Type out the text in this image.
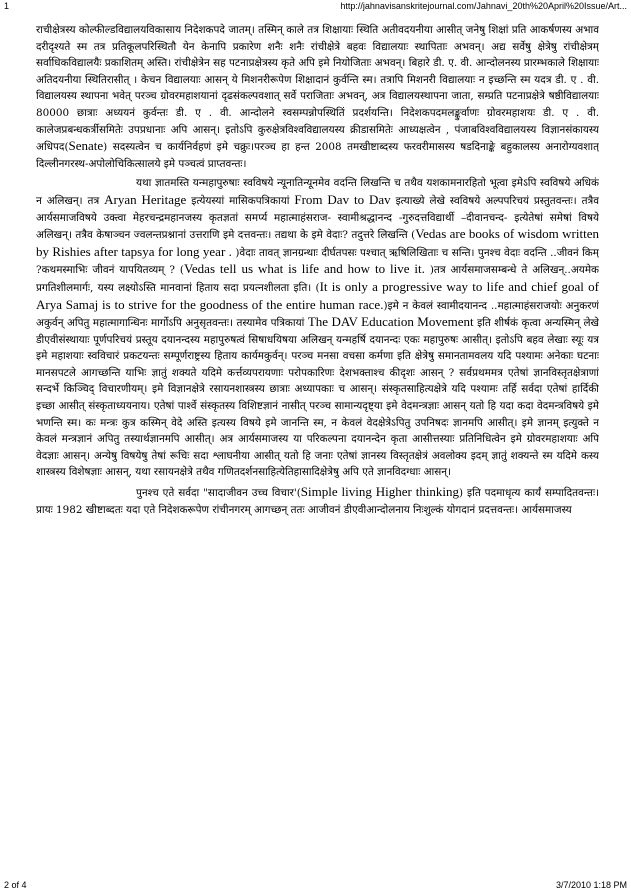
1	http://jahnavisanskritejournal.com/Jahnavi_20th%20April%20Issue/Art...

राचीक्षेत्रस्य कोल्फील्डविद्यालयविकासाय निदेशकपदे जातम्। तस्मिन् काले तत्र शिक्षायाः स्थिति अतीवदयनीया आसीत् जनेषु शिक्षां प्रति आकर्षणस्य अभाव दरीदृश्यते स्म तत्र प्रतिकूलपरिस्थितौ येन केनापि प्रकारेण शनैः शनैः रांचीक्षेत्रे बहवः विद्यालयाः स्थापिताः अभवन्। अद्य सर्वेषु क्षेत्रेषु रांचीक्षेत्रम् सर्वाधिकविद्यालयैः प्रकाशितम् अस्ति। रांचीक्षेत्रेन सह पटनाप्रक्षेत्रस्य कृते अपि इमे नियोजिताः अभवन्। बिहारे डी. ए. वी. आन्दोलनस्य प्रारम्भकाले शिक्षायाः अतिदयनीया स्थितिरासीत् । केचन विद्यालयाः आसन् ये मिशनरीरूपेण शिक्षादानं कुर्वन्ति स्म। तत्रापि मिशनरी विद्यालयाः न इच्छन्ति स्म यदत्र डी. ए . वी. विद्यालयस्य स्थापना भवेत् परञ्च ग्रोवरमहाशयानां दृढसंकल्पवशात् सर्वे पराजिताः अभवन्, अत्र विद्यालयस्थापना जाता, सम्प्रति पटनाप्रक्षेत्रे षष्ठीविद्यालयाः 80000 छात्राः अध्ययनं कुर्वन्तः डी. ए . वी. आन्दोलने स्वसम्पन्नोपस्थितिं प्रदर्शयन्ति। निदेशकपदमलङ्कुर्वाणः ग्रोवरमहाशयः डी. ए . वी. कालेजप्रबन्धकर्त्रीसमितेः उपप्रधानाः अपि आसन्। इतोऽपि कुरुक्षेत्रविश्वविद्यालयस्य क्रीडासमितेः आध्यक्षत्वेन , पंजाबविश्वविद्यालयस्य विज्ञानसंकायस्य अधिपद(Senate) सदस्यत्वेन च कार्यनिर्वहणं इमे चक्रुः।परञ्च हा हन्त 2008 तमखीष्टाब्दस्य फरवरीमासस्य षडदिनाङ्के बहुकालस्य अनारोग्यवशात् दिल्लीनगरस्थ-अपोलोचिकित्सालये इमे पञ्चत्वं प्राप्तवन्तः।

यथा ज्ञातमस्ति यन्महापुरुषाः स्वविषये न्यूनातिन्यूनमेव वदन्ति लिखन्ति च तथैव यशकामनारहितो भूत्वा इमेऽपि स्वविषये अधिकं न अलिखन्। तत्र Aryan Heritage इत्येयस्यां मासिकपत्रिकायां From Dav to Dav इत्याख्ये लेखे स्वविषये अल्पपरिचयं प्रस्तुतवन्तः। तत्रैव आर्यसमाजविषये उक्त्वा मेहरचन्द्रमहानजस्य कृतज्ञतां समर्प्य महात्माहंसराज- स्वामीश्रद्धानन्द -गुरुदत्तविद्यार्थी –दीवानचन्द- इत्येतेषां समेषां विषये अलिखन्। तत्रैव केषाञ्चन ज्वलन्तप्रश्नानां उत्तराणि इमे दत्तवन्तः। तद्यथा के इमे वेदाः? तदुत्तरे लिखन्ति (Vedas are books of wisdom written by Rishies after tapsya for long year . )वेदाः तावत् ज्ञानग्रन्थाः दीर्घतपसः पश्चात् ऋषिलिखिताः च सन्ति। पुनश्च वेदाः वदन्ति ..जीवनं किम् ?कथमस्माभिः जीवनं यापयितव्यम् ? (Vedas tell us what is life and how to live it. )तत्र आर्यसमाजसम्बन्धे ते अलिखन्..अयमेक प्रगतिशीलमार्गः, यस्य लक्ष्योऽस्ति मानवानां हिताय सदा प्रयत्नशीलता इति। (It is only a progressive way to life and chief goal of Arya Samaj is to strive for the goodness of the entire human race.)इमे न केवलं स्वामीदयानन्द ..महात्माहंसराजयोः अनुकरणं अकुर्वन् अपितु महात्मागान्धिनः मार्गोऽपि अनुसृतवन्तः। तस्यामेव पत्रिकायां The DAV Education Movement इति शीर्षकं कृत्वा अन्यस्मिन् लेखे डीएवीसंस्थायाः पूर्णपरिचयं प्रस्तूय दयानन्दस्य महापुरुषत्वं सिषाधयिषया अलिखन् यन्महर्षि दयानन्दः एकः महापुरुषः आसीत्। इतोऽपि बहव लेखाः स्यूः यत्र इमे महाशयाः स्वविचारं प्रकटयन्तः सम्पूर्णराष्ट्रस्य हिताय कार्यमकुर्वन्। परञ्च मनसा वचसा कर्मणा इति क्षेत्रेषु समानतामवलय यदि पश्यामः अनेकाः घटनाः मानसपटले आगच्छन्ति याभिः ज्ञातुं शक्यते यदिमे कर्त्तव्यपरायणाः परोपकारिणः देशभक्ताश्च कीदृशः आसन् ? सर्वप्रथममत्र एतेषां ज्ञानविस्तृतक्षेत्राणां सन्दर्भे किञ्चिद् विचारणीयम्। इमे विज्ञानक्षेत्रे रसायनशास्त्रस्य छात्राः अध्यापकाः च आसन्। संस्कृतसाहित्यक्षेत्रे यदि पश्यामः तर्हि सर्वदा एतेषां हार्दिकी इच्छा आसीत् संस्कृताध्ययनाय। एतेषां पार्श्वे संस्कृतस्य विशिष्टज्ञानं नासीत् परञ्च सामान्यदृष्ट्या इमे वेदमन्त्रज्ञाः आसन् यतो हि यदा कदा वेदमन्त्रविषये इमे भणन्ति स्म। कः मन्त्रः कुत्र कस्मिन् वेदे अस्ति इत्यस्य विषये इमे जानन्ति स्म, न केवलं वेदक्षेत्रेऽपितु उपनिषदः ज्ञानमपि आसीत्। इमे ज्ञानम् इत्युक्ते न केवलं मन्त्रज्ञानं अपितु तस्यार्थज्ञानमपि आसीत्। अत्र आर्यसमाजस्य या परिकल्पना दयानन्देन कृता आसीत्तस्याः प्रतिनिधित्वेन इमे ग्रोवरमहाशयाः अपि वेदज्ञाः आसन्। अन्येषु विषयेषु तेषां रूचिः सदा श्लाघनीया आसीत् यतो हि जनाः एतेषां ज्ञानस्य विस्तृतक्षेत्रं अवलोक्य इदम् ज्ञातुं शक्यन्ते स्म यदिमे कस्य शास्त्रस्य विशेषज्ञाः आसन्, यथा रसायनक्षेत्रे तथैव गणितदर्शनसाहित्येतिहासादिक्षेत्रेषु अपि एते ज्ञानविदग्धाः आसन्।

पुनश्च एते सर्वदा "सादाजीवन उच्च विचार'(Simple living Higher thinking) इति पदमाधृत्य कार्यं सम्पादितवन्तः। प्रायः 1982 खीष्टाब्दतः यदा एते निदेशकरूपेण रांचीनगरम् आगच्छन् ततः आजीवनं डीएवीआन्दोलनाय निःशुल्कं योगदानं प्रदत्तवन्तः। आर्यसमाजस्य

2 of 4	3/7/2010 1:18 PM
